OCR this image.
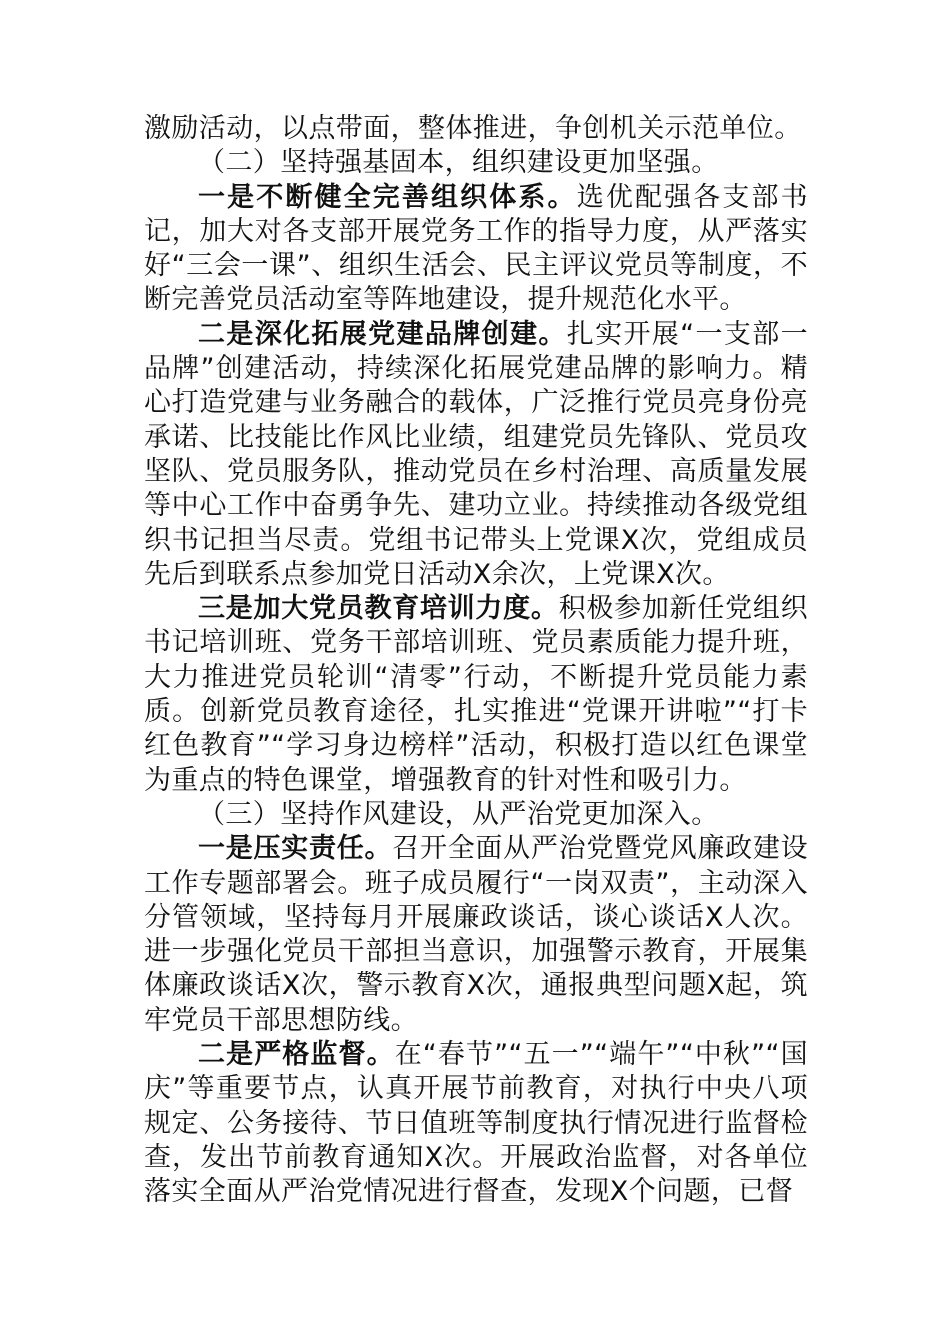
激励活动，以点带面，整体推进，争创机关示范单位。

（二）坚持强基固本，组织建设更加坚强。

一是不断健全完善组织体系。选优配强各支部书记，加大对各支部开展党务工作的指导力度，从严落实好“三会一课”、组织生活会、民主评议党员等制度，不断完善党员活动室等阵地建设，提升规范化水平。

二是深化拓展党建品牌创建。扎实开展“一支部一品牌”创建活动，持续深化拓展党建品牌的影响力。精心打造党建与业务融合的载体，广泛推行党员亮身份亮承诺、比技能比作风比业绩，组建党员先锋队、党员攻坚队、党员服务队，推动党员在乡村治理、高质量发展等中心工作中奋勇争先、建功立业。持续推动各级党组织书记担当尽责。党组书记带头上党课X次，党组成员先后到联系点参加党日活动X余次，上党课X次。

三是加大党员教育培训力度。积极参加新任党组织书记培训班、党务干部培训班、党员素质能力提升班，大力推进党员轮训“清零”行动，不断提升党员能力素质。创新党员教育途径，扎实推进“党课开讲啦”“打卡红色教育”“学习身边榜样”活动，积极打造以红色课堂为重点的特色课堂，增强教育的针对性和吸引力。

（三）坚持作风建设，从严治党更加深入。

一是压实责任。召开全面从严治党暨党风廉政建设工作专题部署会。班子成员履行“一岗双责”，主动深入分管领域，坚持每月开展廉政谈话，谈心谈话X人次。进一步强化党员干部担当意识，加强警示教育，开展集体廉政谈话X次，警示教育X次，通报典型问题X起，筑牢党员干部思想防线。

二是严格监督。在“春节”“五一”“端午”“中秋”“国庆”等重要节点，认真开展节前教育，对执行中央八项规定、公务接待、节日值班等制度执行情况进行监督检查，发出节前教育通知X次。开展政治监督，对各单位落实全面从严治党情况进行督查，发现X个问题，已督
